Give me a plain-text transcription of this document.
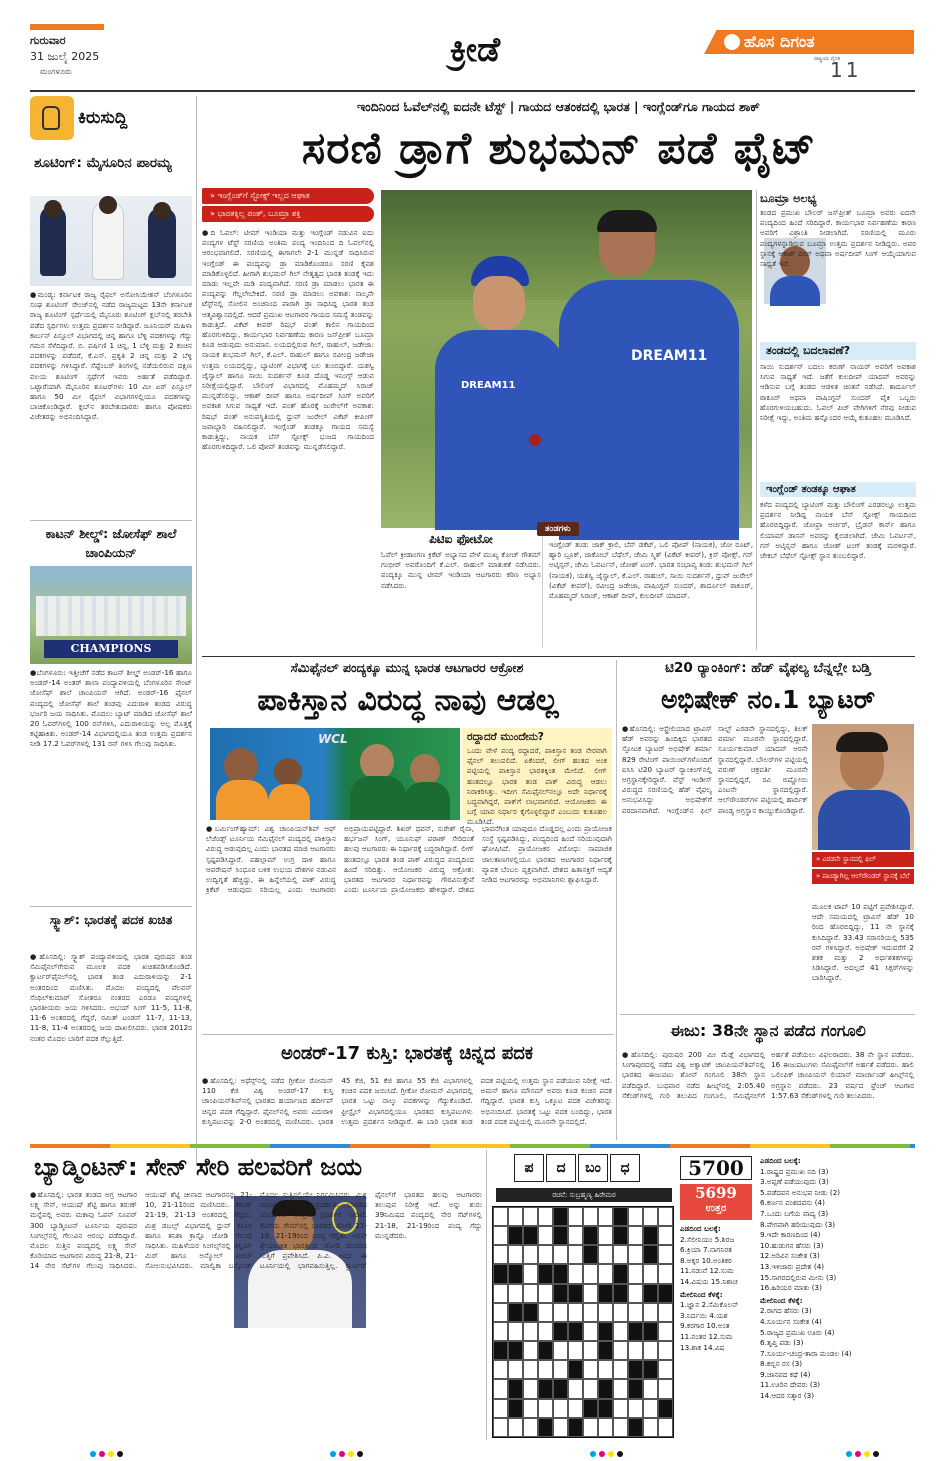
ಗುರುವಾರ
31 ಜುಲೈ 2025
ಮಂಗಳೂರು
ಕ್ರೀಡೆ	ಹೊಸ ದಿಗಂತ
ರಾಷ್ಟ್ರೀಯ ದೈನಿಕ
11
ಕಿರುಸುದ್ದಿ
ಶೂಟಿಂಗ್: ಮೈಸೂರಿನ ಪಾರಮ್ಯ
●ಮಂಡ್ಯ: ಕರ್ನಾಟಕ ರಾಜ್ಯ ರೈಫಲ್ ಅಸೋಸಿಯೇಶನ್ ಬೆಂಗಳೂರಿನ ಸಂಘ ಶೂಟಿಂಗ್ ರೇಂಜ್‌ನಲ್ಲಿ ನಡೆದ ರಾಜ್ಯಮಟ್ಟದ 13ನೇ ಕರ್ನಾಟಕ ರಾಜ್ಯ ಶೂಟಿಂಗ್ ಸ್ಪರ್ಧೆಯಲ್ಲಿ ಮೈಸೂರು ಶೂಟಿಂಗ್ ಕ್ಲಬ್‌ನಲ್ಲಿ ತರಬೇತಿ ಪಡೆದ ಸ್ಪರ್ಧಿಗಳು ಉತ್ತಮ ಪ್ರದರ್ಶನ ನೀಡಿದ್ದಾರೆ. ಜೂನಿಯರ್ ಮಹಿಳಾ ಕಾರ್ಬನ್ ಪಿಸ್ತೂಲ್ ವಿಭಾಗದಲ್ಲಿ ಚಿನ್ನ ಹಾಗೂ ಬೆಳ್ಳಿ ಪದಕಗಳನ್ನು ಗೆದ್ದು ಗಮನ ಸೆಳೆದಿದ್ದಾರೆ. ಬಿ. ವರ್ಷಿಣಿ 1 ಚಿನ್ನ, 1 ಬೆಳ್ಳಿ ಮತ್ತು 2 ಕಂಚಿನ ಪದಕಗಳನ್ನು ಪಡೆದರೆ, ಕೆ.ಎಸ್. ಪ್ರಕೃತಿ 2 ಚಿನ್ನ ಮತ್ತು 2 ಬೆಳ್ಳಿ ಪದಕಗಳನ್ನು ಗಳಿಸಿದ್ದಾರೆ. ಸೆಪ್ಟೆಂಬರ್ ತಿಂಗಳಲ್ಲಿ ನಡೆಯಲಿರುವ ದಕ್ಷಿಣ ವಲಯ ಶೂಟಿಂಗ್ ಸ್ಪರ್ಧೆಗೆ ಇವರು ಅರ್ಹತೆ ಪಡೆದಿದ್ದಾರೆ. ಒಟ್ಟಾರೆಯಾಗಿ ಮೈಸೂರಿನ ಶೂಟರ್‌ಗಳು 10 ಮೀ ಏರ್ ಪಿಸ್ತೂಲ್ ಹಾಗೂ 50 ಮೀ ರೈಫಲ್ ವಿಭಾಗಗಳಲ್ಲಿಯೂ ಪದಕಗಳನ್ನು ಬಾಚಿಕೊಂಡಿದ್ದಾರೆ. ಕ್ಲಬ್‌ನ ತರಬೇತುದಾರರು ಹಾಗೂ ಪೋಷಕರು ವಿಜೇತರನ್ನು ಅಭಿನಂದಿಸಿದ್ದಾರೆ.
ಕಾಟನ್ ಶೀಲ್ಡ್: ಜೋಸೆಫ್ ಶಾಲೆ ಚಾಂಪಿಯನ್
CHAMPIONS
●ಬೆಂಗಳೂರು: ಇತ್ತೀಚೆಗೆ ನಡೆದ ಕಾಟನ್ ಶೀಲ್ಡ್ ಅಂಡರ್-16 ಹಾಗೂ ಅಂಡರ್-14 ಅಂತರ್ ಶಾಲಾ ಪಂದ್ಯಾವಳಿಯಲ್ಲಿ ಬೆಂಗಳೂರಿನ ಸೇಂಟ್ ಜೋಸೆಫ್ ಶಾಲೆ ಚಾಂಪಿಯನ್ ಆಗಿದೆ. ಅಂಡರ್-16 ಫೈನಲ್ ಪಂದ್ಯದಲ್ಲಿ ಜೋಸೆಫ್ ಶಾಲೆ ತಂಡವು ಎದುರಾಳಿ ತಂಡದ ವಿರುದ್ಧ ಭರ್ಜರಿ ಜಯ ಸಾಧಿಸಿತು. ಮೊದಲು ಬ್ಯಾಟ್ ಮಾಡಿದ ಜೋಸೆಫ್ ಶಾಲೆ 20 ಓವರ್‌ಗಳಲ್ಲಿ 100 ರನ್‌ಗಳಿಸಿ, ಎದುರಾಳಿಯನ್ನು ಅಲ್ಪ ಮೊತ್ತಕ್ಕೆ ಕಟ್ಟಿಹಾಕಿತು. ಅಂಡರ್-14 ವಿಭಾಗದಲ್ಲಿಯೂ ತಂಡ ಉತ್ತಮ ಪ್ರದರ್ಶನ ನೀಡಿ 17.2 ಓವರ್‌ಗಳಲ್ಲಿ 131 ರನ್ ಗಳಿಸಿ ಗೆಲುವು ಸಾಧಿಸಿತು.
ಸ್ಕ್ವಾಶ್: ಭಾರತಕ್ಕೆ ಪದಕ ಖಚಿತ
●ಹೊಸದಿಲ್ಲಿ: ಸ್ಕ್ವಾಶ್ ಪಂದ್ಯಾವಳಿಯಲ್ಲಿ ಭಾರತ ಪುರುಷರ ತಂಡ ಸೆಮಿಫೈನಲ್‌ಗೇರುವ ಮೂಲಕ ಪದಕ ಖಚಿತಪಡಿಸಿಕೊಂಡಿದೆ. ಕ್ವಾರ್ಟರ್‌ಫೈನಲ್‌ನಲ್ಲಿ ಭಾರತ ತಂಡ ಎದುರಾಳಿಯನ್ನು 2-1 ಅಂತರದಿಂದ ಮಣಿಸಿತು. ಮೊದಲ ಪಂದ್ಯದಲ್ಲಿ ವೆಲವನ್ ಸೆಂಥಿಲ್‌ಕುಮಾರ್ ಸೋತರೂ ನಂತರದ ಎರಡೂ ಪಂದ್ಯಗಳಲ್ಲಿ ಭಾರತೀಯರು ಜಯ ಗಳಿಸಿದರು. ಅಭಯ್ ಸಿಂಗ್ 11-5, 11-8, 11-6 ಅಂತರದಲ್ಲಿ ಗೆದ್ದರೆ, ರಮಿತ್ ಟಂಡನ್ 11-7, 11-13, 11-8, 11-4 ಅಂತರದಲ್ಲಿ ಜಯ ದಾಖಲಿಸಿದರು. ಭಾರತ 2012ರ ನಂತರ ಮೊದಲ ಬಾರಿಗೆ ಪದಕ ಗೆಲ್ಲುತ್ತಿದೆ.
ಇಂದಿನಿಂದ ಓವೆಲ್‌ನಲ್ಲಿ ಐದನೇ ಟೆಸ್ಟ್ | ಗಾಯದ ಆತಂಕದಲ್ಲಿ ಭಾರತ | ಇಂಗ್ಲೆಂಡ್‌ಗೂ ಗಾಯದ ಶಾಕ್
ಸರಣಿ ಡ್ರಾಗೆ ಶುಭಮನ್ ಪಡೆ ಫೈಟ್
» ಇಂಗ್ಲೆಂಡ್‌ಗೆ ಸ್ಟೋಕ್ಸ್ ಇಲ್ಲದ ಆಘಾತ
» ಭಾರತಕ್ಕಿಲ್ಲ ಪಂತ್, ಬೂಮ್ರಾ ಶಕ್ತಿ
●ದಿ ಓವಲ್: ಟೀಮ್ ಇಂಡಿಯಾ ಮತ್ತು ಇಂಗ್ಲೆಂಡ್ ನಡುವಿನ ಐದು ಪಂದ್ಯಗಳ ಟೆಸ್ಟ್ ಸರಣಿಯ ಅಂತಿಮ ಪಂದ್ಯ ಇಂದಿನಿಂದ ದಿ ಓವಲ್‌ನಲ್ಲಿ ಆರಂಭವಾಗಲಿದೆ. ಸರಣಿಯಲ್ಲಿ ಈಗಾಗಲೇ 2-1 ಮುನ್ನಡೆ ಸಾಧಿಸಿರುವ ಇಂಗ್ಲೆಂಡ್ ಈ ಪಂದ್ಯವನ್ನು ಡ್ರಾ ಮಾಡಿಕೊಂಡರೂ ಸರಣಿ ಕೈವಶ ಮಾಡಿಕೊಳ್ಳಲಿದೆ. ಹೀಗಾಗಿ ಶುಭಮನ್ ಗಿಲ್ ನೇತೃತ್ವದ ಭಾರತ ತಂಡಕ್ಕೆ ಇದು ಮಾಡು ಇಲ್ಲವೇ ಮಡಿ ಪಂದ್ಯವಾಗಿದೆ. ಸರಣಿ ಡ್ರಾ ಮಾಡಲು ಭಾರತ ಈ ಪಂದ್ಯವನ್ನು ಗೆಲ್ಲಲೇಬೇಕಿದೆ. ಸರಣಿ ಡ್ರಾ ಮಾಡಲು ಅವಕಾಶ: ನಾಲ್ಕನೇ ಟೆಸ್ಟ್‌ನಲ್ಲಿ ಸೋಲಿನ ಅಂಚಿನಿಂದ ಪಾರಾಗಿ ಡ್ರಾ ಸಾಧಿಸಿದ್ದ ಭಾರತ ತಂಡ ಆತ್ಮವಿಶ್ವಾಸದಲ್ಲಿದೆ. ಆದರೆ ಪ್ರಮುಖ ಆಟಗಾರರ ಗಾಯದ ಸಮಸ್ಯೆ ತಂಡವನ್ನು ಕಾಡುತ್ತಿದೆ. ವಿಕೆಟ್ ಕೀಪರ್ ರಿಷಭ್ ಪಂತ್ ಕಾಲಿನ ಗಾಯದಿಂದ ಹೊರಗುಳಿದಿದ್ದು, ಕಾರ್ಯಭಾರ ನಿರ್ವಹಣೆಯ ಕಾರಣ ಜಸ್‌ಪ್ರೀತ್ ಬೂಮ್ರಾ ಕೂಡ ಆಡುವುದು ಅನುಮಾನ. ಲಯದಲ್ಲಿರುವ ಗಿಲ್, ರಾಹುಲ್, ಜಡೇಜಾ: ನಾಯಕ ಶುಭಮನ್ ಗಿಲ್, ಕೆ.ಎಲ್. ರಾಹುಲ್ ಹಾಗೂ ರವೀಂದ್ರ ಜಡೇಜಾ ಉತ್ತಮ ಲಯದಲ್ಲಿದ್ದು, ಬ್ಯಾಟಿಂಗ್ ವಿಭಾಗಕ್ಕೆ ಬಲ ತುಂಬಿದ್ದಾರೆ. ಯಶಸ್ವಿ ಜೈಸ್ವಾಲ್ ಹಾಗೂ ಸಾಯಿ ಸುದರ್ಶನ್ ಕೂಡ ದೊಡ್ಡ ಇನಿಂಗ್ಸ್ ಆಡುವ ನಿರೀಕ್ಷೆಯಲ್ಲಿದ್ದಾರೆ. ಬೌಲಿಂಗ್ ವಿಭಾಗದಲ್ಲಿ ಮೊಹಮ್ಮದ್ ಸಿರಾಜ್ ಮುನ್ನಡೆಸಲಿದ್ದು, ಆಕಾಶ್ ದೀಪ್ ಹಾಗೂ ಅರ್ಷದೀಪ್ ಸಿಂಗ್ ಅವರಿಗೆ ಅವಕಾಶ ಸಿಗುವ ಸಾಧ್ಯತೆ ಇದೆ. ಪಂತ್ ಹೊರಕ್ಕೆ ಜುರೇಲ್‌ಗೆ ಅವಕಾಶ: ರಿಷಭ್ ಪಂತ್ ಅನುಪಸ್ಥಿತಿಯಲ್ಲಿ ಧ್ರುವ್ ಜುರೇಲ್ ವಿಕೆಟ್ ಕೀಪಿಂಗ್ ಜವಾಬ್ದಾರಿ ವಹಿಸಲಿದ್ದಾರೆ. ಇಂಗ್ಲೆಂಡ್ ತಂಡಕ್ಕೂ ಗಾಯದ ಸಮಸ್ಯೆ ಕಾಡುತ್ತಿದ್ದು, ನಾಯಕ ಬೆನ್ ಸ್ಟೋಕ್ಸ್ ಭುಜದ ಗಾಯದಿಂದ ಹೊರಗುಳಿದಿದ್ದಾರೆ. ಒಲಿ ಪೋಪ್ ತಂಡವನ್ನು ಮುನ್ನಡೆಸಲಿದ್ದಾರೆ.
DREAM11
DREAM11
ಪಿಟಿಐ ಫೋಟೋ
ಓವೆಲ್ ಕ್ರೀಡಾಂಗಣ ಕ್ರಿಕೆಟ್ ಅಭ್ಯಾಸದ ವೇಳೆ ಮುಖ್ಯ ಕೋಚ್ ಗೌತಮ್ ಗಂಭೀರ್ ಅವರೊಂದಿಗೆ ಕೆ.ಎಲ್. ರಾಹುಲ್ ಮಾತುಕತೆ ನಡೆಸಿದರು. ಪಂದ್ಯಕ್ಕೂ ಮುನ್ನ ಟೀಮ್ ಇಂಡಿಯಾ ಆಟಗಾರರು ಕಠಿಣ ಅಭ್ಯಾಸ ನಡೆಸಿದರು.
ತಂಡಗಳು
ಇಂಗ್ಲೆಂಡ್ ತಂಡ: ಜಾಕ್ ಕ್ರಾಲಿ, ಬೆನ್ ಡಕೆಟ್, ಒಲಿ ಪೋಪ್ (ನಾಯಕ), ಜೋ ರೂಟ್, ಹ್ಯಾರಿ ಬ್ರೂಕ್, ಜಾಕೋಬ್ ಬೆಥೆಲ್, ಜೇಮಿ ಸ್ಮಿತ್ (ವಿಕೆಟ್ ಕೀಪರ್), ಕ್ರಿಸ್ ವೋಕ್ಸ್, ಗಸ್ ಅಟ್ಕಿನ್ಸನ್, ಜೇಮಿ ಓವರ್ಟನ್, ಜೋಶ್ ಟಂಗ್. ಭಾರತ ಸಂಭಾವ್ಯ ತಂಡ: ಶುಭಮನ್ ಗಿಲ್ (ನಾಯಕ), ಯಶಸ್ವಿ ಜೈಸ್ವಾಲ್, ಕೆ.ಎಲ್. ರಾಹುಲ್, ಸಾಯಿ ಸುದರ್ಶನ್, ಧ್ರುವ್ ಜುರೇಲ್ (ವಿಕೆಟ್ ಕೀಪರ್), ರವೀಂದ್ರ ಜಡೇಜಾ, ವಾಷಿಂಗ್ಟನ್ ಸುಂದರ್, ಶಾರ್ದೂಲ್ ಠಾಕೂರ್, ಮೊಹಮ್ಮದ್ ಸಿರಾಜ್, ಆಕಾಶ್ ದೀಪ್, ಕುಲದೀಪ್ ಯಾದವ್.
ಬೂಮ್ರಾ ಅಲಭ್ಯ
ತಂಡದ ಪ್ರಮುಖ ಬೌಲರ್ ಜಸ್‌ಪ್ರೀತ್ ಬೂಮ್ರಾ ಅವರು ಐದನೇ ಪಂದ್ಯದಿಂದ ಹಿಂದೆ ಸರಿದಿದ್ದಾರೆ. ಕಾರ್ಯಭಾರ ನಿರ್ವಹಣೆಯ ಕಾರಣ ಅವರಿಗೆ ವಿಶ್ರಾಂತಿ ನೀಡಲಾಗಿದೆ. ಸರಣಿಯಲ್ಲಿ ಮೂರು ಪಂದ್ಯಗಳನ್ನಾಡಿರುವ ಬೂಮ್ರಾ ಉತ್ತಮ ಪ್ರದರ್ಶನ ನೀಡಿದ್ದರು. ಅವರ ಸ್ಥಾನಕ್ಕೆ ಆಕಾಶ್ ದೀಪ್ ಅಥವಾ ಅರ್ಷದೀಪ್ ಸಿಂಗ್ ಆಯ್ಕೆಯಾಗುವ ಸಾಧ್ಯತೆ ಇದೆ.
ತಂಡದಲ್ಲಿ ಬದಲಾವಣೆ?
ಸಾಯಿ ಸುದರ್ಶನ್ ಬದಲು ಕರುಣ್ ನಾಯರ್ ಅವರಿಗೆ ಅವಕಾಶ ಸಿಗುವ ಸಾಧ್ಯತೆ ಇದೆ. ಜತೆಗೆ ಕುಲದೀಪ್ ಯಾದವ್ ಅವರನ್ನು ಆಡಿಸುವ ಬಗ್ಗೆ ತಂಡದ ಆಡಳಿತ ಚಿಂತನೆ ನಡೆಸಿದೆ. ಶಾರ್ದೂಲ್ ಠಾಕೂರ್ ಅಥವಾ ವಾಷಿಂಗ್ಟನ್ ಸುಂದರ್ ಪೈಕಿ ಒಬ್ಬರು ಹೊರಗುಳಿಯಬಹುದು. ಓವಲ್ ಪಿಚ್ ವೇಗಿಗಳಿಗೆ ನೆರವು ನೀಡುವ ನಿರೀಕ್ಷೆ ಇದ್ದು, ಅಂತಿಮ ಹನ್ನೊಂದರ ಆಯ್ಕೆ ಕುತೂಹಲ ಮೂಡಿಸಿದೆ.
ಇಂಗ್ಲೆಂಡ್ ತಂಡಕ್ಕೂ ಆಘಾತ
ಕಳೆದ ಪಂದ್ಯದಲ್ಲಿ ಬ್ಯಾಟಿಂಗ್ ಮತ್ತು ಬೌಲಿಂಗ್ ಎರಡರಲ್ಲೂ ಉತ್ತಮ ಪ್ರದರ್ಶನ ನೀಡಿದ್ದ ನಾಯಕ ಬೆನ್ ಸ್ಟೋಕ್ಸ್ ಗಾಯದಿಂದ ಹೊರಬಿದ್ದಿದ್ದಾರೆ. ಜೋಫ್ರಾ ಆರ್ಚರ್, ಬ್ರೈಡನ್ ಕಾರ್ಸ್ ಹಾಗೂ ಲಿಯಾಮ್ ಡಾಸನ್ ಅವರನ್ನು ಕೈಬಿಡಲಾಗಿದೆ. ಜೇಮಿ ಓವರ್ಟನ್, ಗಸ್ ಅಟ್ಕಿನ್ಸನ್ ಹಾಗೂ ಜೋಶ್ ಟಂಗ್ ತಂಡಕ್ಕೆ ಮರಳಿದ್ದಾರೆ. ಜೇಕಬ್ ಬೆಥೆಲ್ ಸ್ಟೋಕ್ಸ್ ಸ್ಥಾನ ತುಂಬಲಿದ್ದಾರೆ.
ಸೆಮಿಫೈನಲ್ ಪಂದ್ಯಕ್ಕೂ ಮುನ್ನ ಭಾರತ ಆಟಗಾರರ ಆಕ್ರೋಶ
ಪಾಕಿಸ್ತಾನ ವಿರುದ್ಧ ನಾವು ಆಡಲ್ಲ
WCL	ರದ್ದಾದರೆ ಮುಂದೇನು?
ಒಂದು ವೇಳೆ ಪಂದ್ಯ ರದ್ದಾದರೆ, ಪಾಕಿಸ್ತಾನ ತಂಡ ನೇರವಾಗಿ ಫೈನಲ್ ತಲುಪಲಿದೆ. ಏಕೆಂದರೆ, ಲೀಗ್ ಹಂತದ ಅಂಕ ಪಟ್ಟಿಯಲ್ಲಿ ಪಾಕಿಸ್ತಾನ ಭಾರತಕ್ಕಿಂತ ಮೇಲಿದೆ. ಲೀಗ್ ಹಂತದಲ್ಲೂ ಭಾರತ ತಂಡ ಪಾಕ್ ವಿರುದ್ಧ ಆಡಲು ನಿರಾಕರಿಸಿತ್ತು. ಇದೀಗ ಸೆಮಿಫೈನಲ್‌ನಲ್ಲೂ ಅದೇ ನಿರ್ಧಾರಕ್ಕೆ ಬದ್ಧವಾಗಿದ್ದರೆ, ಪಾಕ್‌ಗೆ ಲಾಭವಾಗಲಿದೆ. ಆಯೋಜಕರು ಈ ಬಗ್ಗೆ ಯಾವ ನಿರ್ಧಾರ ಕೈಗೊಳ್ಳಲಿದ್ದಾರೆ ಎಂಬುದು ಕುತೂಹಲ ಮೂಡಿಸಿದೆ.
●ಬರ್ಮಿಂಗ್‌ಹ್ಯಾಮ್: ವಿಶ್ವ ಚಾಂಪಿಯನ್‌ಶಿಪ್ ಆಫ್ ಲೆಜೆಂಡ್ಸ್ ಟೂರ್ನಿಯ ಸೆಮಿಫೈನಲ್ ಪಂದ್ಯದಲ್ಲಿ ಪಾಕಿಸ್ತಾನ ವಿರುದ್ಧ ಆಡುವುದಿಲ್ಲ ಎಂದು ಭಾರತದ ಮಾಜಿ ಆಟಗಾರರು ಸ್ಪಷ್ಟಪಡಿಸಿದ್ದಾರೆ. ಪಹಲ್ಗಾಮ್ ಉಗ್ರ ದಾಳಿ ಹಾಗೂ ಆಪರೇಷನ್ ಸಿಂಧೂರ ಬಳಿಕ ಉಭಯ ದೇಶಗಳ ನಡುವಿನ ಉದ್ವಿಗ್ನತೆ ಹೆಚ್ಚಿದ್ದು, ಈ ಹಿನ್ನೆಲೆಯಲ್ಲಿ ಪಾಕ್ ವಿರುದ್ಧ ಕ್ರಿಕೆಟ್ ಆಡುವುದು ಸರಿಯಲ್ಲ ಎಂದು ಆಟಗಾರರು ಅಭಿಪ್ರಾಯಪಟ್ಟಿದ್ದಾರೆ. ಶಿಖರ್ ಧವನ್, ಸುರೇಶ್ ರೈನಾ, ಹರ್ಭಜನ್ ಸಿಂಗ್, ಯೂಸುಫ್ ಪಠಾಣ್ ಸೇರಿದಂತೆ ಹಲವು ಆಟಗಾರರು ಈ ನಿರ್ಧಾರಕ್ಕೆ ಬದ್ಧರಾಗಿದ್ದಾರೆ. ಲೀಗ್ ಹಂತದಲ್ಲೂ ಭಾರತ ತಂಡ ಪಾಕ್ ವಿರುದ್ಧದ ಪಂದ್ಯದಿಂದ ಹಿಂದೆ ಸರಿದಿತ್ತು. ಆಯೋಜಕರ ವಿರುದ್ಧ ಆಕ್ರೋಶ: ಭಾರತದ ಆಟಗಾರರ ನಿರ್ಧಾರವನ್ನು ಗೌರವಿಸುತ್ತೇವೆ ಎಂದು ಟೂರ್ನಿಯ ಪ್ರಾಯೋಜಕರು ಹೇಳಿದ್ದಾರೆ. ದೇಶದ ಭಾವನೆಗಿಂತ ಯಾವುದೂ ದೊಡ್ಡದಲ್ಲ ಎಂದು ಪ್ರಾಯೋಜಕ ಸಂಸ್ಥೆ ಸ್ಪಷ್ಟಪಡಿಸಿದ್ದು, ಪಂದ್ಯದಿಂದ ಹಿಂದೆ ಸರಿಯುವುದಾಗಿ ಘೋಷಿಸಿದೆ. ಪ್ರಾಯೋಜಕರ ವಿರೋಧ: ಸಾಮಾಜಿಕ ಜಾಲತಾಣಗಳಲ್ಲಿಯೂ ಭಾರತದ ಆಟಗಾರರ ನಿರ್ಧಾರಕ್ಕೆ ವ್ಯಾಪಕ ಬೆಂಬಲ ವ್ಯಕ್ತವಾಗಿದೆ. ದೇಶದ ಹಿತಾಸಕ್ತಿಗೆ ಆದ್ಯತೆ ನೀಡಿದ ಆಟಗಾರರನ್ನು ಅಭಿಮಾನಿಗಳು ಶ್ಲಾಘಿಸಿದ್ದಾರೆ.
ಟಿ20 ರ್‍ಯಾಂಕಿಂಗ್: ಹೆಡ್ ವೈಫಲ್ಯ ಬೆನ್ನಲ್ಲೇ ಬಡ್ತಿ
ಅಭಿಷೇಕ್ ನಂ.1 ಬ್ಯಾಟರ್
●ಹೊಸದಿಲ್ಲಿ: ಆಸ್ಟ್ರೇಲಿಯಾದ ಟ್ರಾವಿಸ್ ಹೆಡ್ ಅವರನ್ನು ಹಿಂದಿಕ್ಕಿದ ಭಾರತದ ಸ್ಫೋಟಕ ಬ್ಯಾಟರ್ ಅಭಿಷೇಕ್ ಶರ್ಮಾ 829 ರೇಟಿಂಗ್ ಪಾಯಿಂಟ್‌ಗಳೊಂದಿಗೆ ಐಸಿಸಿ ಟಿ20 ಬ್ಯಾಟರ್ ರ್‍ಯಾಂಕಿಂಗ್‌ನಲ್ಲಿ ಅಗ್ರಸ್ಥಾನಕ್ಕೇರಿದ್ದಾರೆ. ವೆಸ್ಟ್ ಇಂಡೀಸ್ ವಿರುದ್ಧದ ಸರಣಿಯಲ್ಲಿ ಹೆಡ್ ವೈಫಲ್ಯ ಅನುಭವಿಸಿದ್ದು ಅಭಿಷೇಕ್‌ಗೆ ವರದಾನವಾಗಿದೆ. ಇಂಗ್ಲೆಂಡ್‌ನ ಫಿಲ್ ಸಾಲ್ಟ್ ಎರಡನೇ ಸ್ಥಾನದಲ್ಲಿದ್ದು, ತಿಲಕ್ ವರ್ಮಾ ಮೂರನೇ ಸ್ಥಾನದಲ್ಲಿದ್ದಾರೆ. ಸೂರ್ಯಕುಮಾರ್ ಯಾದವ್ ಆರನೇ ಸ್ಥಾನದಲ್ಲಿದ್ದಾರೆ. ಬೌಲರ್‌ಗಳ ಪಟ್ಟಿಯಲ್ಲಿ ವರುಣ್ ಚಕ್ರವರ್ತಿ ಮೂರನೇ ಸ್ಥಾನದಲ್ಲಿದ್ದರೆ, ರವಿ ಬಿಷ್ಣೋಯಿ ಎಂಟನೇ ಸ್ಥಾನದಲ್ಲಿದ್ದಾರೆ. ಆಲ್‌ರೌಂಡರ್‌ಗಳ ಪಟ್ಟಿಯಲ್ಲಿ ಹಾರ್ದಿಕ್ ಪಾಂಡ್ಯ ಅಗ್ರಸ್ಥಾನ ಕಾಯ್ದುಕೊಂಡಿದ್ದಾರೆ.
» ಎರಡನೇ ಸ್ಥಾನದಲ್ಲಿ ಫಿಲ್
» ಪಾಂಡ್ಯಾಗಿಲ್ಲ ಆಲ್‌ರೌಂಡರ್ ಸ್ಥಾನಕ್ಕೆ ಬೆಲೆ
ಮೂಲಕ ಟಾಪ್ 10 ಪಟ್ಟಿಗೆ ಪ್ರವೇಶಿಸಿದ್ದಾರೆ. ಆದೇ ಸಮಯದಲ್ಲಿ ಟ್ರಾವಿಸ್ ಹೆಡ್ 10 ರಿಂದ ಹೊರಬಿದ್ದಿದ್ದು, 11 ನೇ ಸ್ಥಾನಕ್ಕೆ ಕುಸಿದಿದ್ದಾರೆ. 33.43 ಸರಾಸರಿಯಲ್ಲಿ 535 ರನ್ ಗಳಿಸಿದ್ದಾರೆ. ಅಭಿಷೇಕ್ ಇದುವರೆಗೆ 2 ಶತಕ ಮತ್ತು 2 ಅರ್ಧಶತಕಗಳನ್ನು ಸಿಡಿಸಿದ್ದಾರೆ. ಅದಲ್ಲದೆ 41 ಸಿಕ್ಸರ್‌ಗಳನ್ನು ಬಾರಿಸಿದ್ದಾರೆ.
ಈಜು: 38ನೇ ಸ್ಥಾನ ಪಡೆದ ಗಂಗೂಲಿ
●ಹೊಸದಿಲ್ಲಿ: ಪುರುಷರ 200 ಮೀ ಮೆಡ್ಲೆ ವಿಭಾಗದಲ್ಲಿ ಸಿಂಗಾಪುರದಲ್ಲಿ ನಡೆದ ವಿಶ್ವ ಅಕ್ವಾಟಿಕ್ ಚಾಂಪಿಯನ್‌ಶಿಪ್‌ನಲ್ಲಿ ಭಾರತದ ಈಜುಪಟು ಶೋನ್ ಗಂಗೂಲಿ 38ನೇ ಸ್ಥಾನ ಪಡೆದಿದ್ದಾರೆ. ಬುಧವಾರ ನಡೆದ ಹೀಟ್ಸ್‌ನಲ್ಲಿ 2:05.40 ಸೆಕೆಂಡ್‌ಗಳಲ್ಲಿ ಗುರಿ ತಲುಪಿದ ಗಂಗೂಲಿ, ಸೆಮಿಫೈನಲ್‌ಗೆ ಅರ್ಹತೆ ಪಡೆಯಲು ವಿಫಲರಾದರು. 38 ನೇ ಸ್ಥಾನ ಪಡೆದರು. 16 ಈಜುಪಟುಗಳು ಸೆಮಿಫೈನಲ್‌ಗೆ ಅರ್ಹತೆ ಪಡೆದರು. ಹಾಲಿ ಒಲಿಂಪಿಕ್ ಚಾಂಪಿಯನ್ ಲಿಯಾನ್ ಮಾರ್ಚಾಂಡ್ ಹೀಟ್ಸ್‌ನಲ್ಲಿ ಅಗ್ರಸ್ಥಾನ ಪಡೆದರು. 23 ವರ್ಷದ ಫ್ರೆಂಚ್ ಆಟಗಾರ 1:57.63 ಸೆಕೆಂಡ್‌ಗಳಲ್ಲಿ ಗುರಿ ತಲುಪಿದರು.
ಅಂಡರ್-17 ಕುಸ್ತಿ: ಭಾರತಕ್ಕೆ ಚಿನ್ನದ ಪದಕ
●ಹೊಸದಿಲ್ಲಿ: ಅಥೆನ್ಸ್‌ನಲ್ಲಿ ನಡೆದ ಗ್ರೀಕೋ ರೋಮನ್ 110 ಕೆಜಿ ವಿಶ್ವ ಅಂಡರ್-17 ಕುಸ್ತಿ ಚಾಂಪಿಯನ್‌ಶಿಪ್‌ನಲ್ಲಿ ಭಾರತದ ಹರ್ಯಾಣದ ಹರ್ದೀಪ್ ಚಿನ್ನದ ಪದಕ ಗೆದ್ದಿದ್ದಾರೆ. ಫೈನಲ್‌ನಲ್ಲಿ ಅವರು ಎದುರಾಳಿ ಕುಸ್ತಿಪಟುವನ್ನು 2-0 ಅಂತರದಲ್ಲಿ ಮಣಿಸಿದರು. ಭಾರತ 45 ಕೆಜಿ, 51 ಕೆಜಿ ಹಾಗೂ 55 ಕೆಜಿ ವಿಭಾಗಗಳಲ್ಲಿ ಕಂಚಿನ ಪದಕ ಜಯಿಸಿದೆ. ಗ್ರೀಕೋ ರೋಮನ್ ವಿಭಾಗದಲ್ಲಿ ಭಾರತ ಒಟ್ಟು ನಾಲ್ಕು ಪದಕಗಳನ್ನು ಗೆದ್ದುಕೊಂಡಿದೆ. ಫ್ರೀಸ್ಟೈಲ್ ವಿಭಾಗದಲ್ಲಿಯೂ ಭಾರತದ ಕುಸ್ತಿಪಟುಗಳು ಉತ್ತಮ ಪ್ರದರ್ಶನ ನೀಡಿದ್ದಾರೆ. ಈ ಬಾರಿ ಭಾರತ ತಂಡ ಪದಕ ಪಟ್ಟಿಯಲ್ಲಿ ಉತ್ತಮ ಸ್ಥಾನ ಪಡೆಯುವ ನಿರೀಕ್ಷೆ ಇದೆ. ಅಮನ್ ಹಾಗೂ ಮೌಸಮ್ ಅವರು ಕೂಡ ಕಂಚಿನ ಪದಕ ಗೆದ್ದಿದ್ದಾರೆ. ಭಾರತ ಕುಸ್ತಿ ಒಕ್ಕೂಟ ಪದಕ ವಿಜೇತರನ್ನು ಅಭಿನಂದಿಸಿದೆ. ಭಾರತಕ್ಕೆ ಒಟ್ಟು ಪದಕ ಬಂದಿದ್ದು, ಭಾರತ ತಂಡ ಪದಕ ಪಟ್ಟಿಯಲ್ಲಿ ಮೂರನೇ ಸ್ಥಾನದಲ್ಲಿದೆ.
ಬ್ಯಾಡ್ಮಿಂಟನ್: ಸೇನ್ ಸೇರಿ ಹಲವರಿಗೆ ಜಯ
●ಹೊಸದಿಲ್ಲಿ: ಭಾರತ ತಂಡದ ಅಗ್ರ ಆಟಗಾರ ಲಕ್ಷ್ಯ ಸೇನ್, ಆಯುಷ್ ಶೆಟ್ಟಿ ಹಾಗೂ ತರುಣ್ ಮನ್ನೆಪಲ್ಲಿ ಅವರು ಮಕಾವು ಓಪನ್ ಸೂಪರ್ 300 ಬ್ಯಾಡ್ಮಿಂಟನ್ ಟೂರ್ನಿಯ ಪುರುಷರ ಸಿಂಗಲ್ಸ್‌ನಲ್ಲಿ ಗೆಲುವಿನ ಆರಂಭ ಪಡೆದಿದ್ದಾರೆ. ಮೊದಲ ಸುತ್ತಿನ ಪಂದ್ಯದಲ್ಲಿ ಲಕ್ಷ್ಯ ಸೇನ್ ಕೊರಿಯಾದ ಆಟಗಾರನ ವಿರುದ್ಧ 21-8, 21-14 ನೇರ ಸೆಟ್‌ಗಳ ಗೆಲುವು ಸಾಧಿಸಿದರು. ಆಯುಷ್ ಶೆಟ್ಟಿ ಚೀನಾದ ಆಟಗಾರನನ್ನು 21-10, 21-11ರಿಂದ ಮಣಿಸಿದರು. ತರುಣ್ 21-19, 21-13 ಅಂತರದಲ್ಲಿ ಗೆದ್ದರು. ಮಿಶ್ರ ಡಬಲ್ಸ್ ವಿಭಾಗದಲ್ಲಿ ಧ್ರುವ್ ಕಪಿಲಾ ಹಾಗೂ ತನಿಶಾ ಕ್ರಾಸ್ಟೊ ಜೋಡಿ ಗೆಲುವು ಸಾಧಿಸಿತು. ಮಹಿಳೆಯರ ಸಿಂಗಲ್ಸ್‌ನಲ್ಲಿ ತಸ್ನಿಮ್ ಮಿರ್ ಹಾಗೂ ಅನ್ಮೋಲ್ ಖರಬ್ ಸೋಲನುಭವಿಸಿದರು. ಮಾಲ್ವಿಕಾ ಬನ್ಸೋಡ್ ಮೊದಲ ಸುತ್ತಿನಲ್ಲಿಯೇ ನಿರ್ಗಮಿಸಿದರು. ಮಿಶ್ರ ವಿಭಾಗದ ಉತ್ತಮ ಪ್ರದರ್ಶನ: ಭಾರತದ ಜೋಡಿಗಳು ಉತ್ತಮ ಪ್ರದರ್ಶನ ನೀಡಿವೆ. ಕೊನೆಯ ಗೇಮ್‌ನಲ್ಲಿ ಭಾರತದ ಜೋಡಿ 21-18, 21-19ರಿಂದ ಪಂದ್ಯ ಗೆದ್ದಿತು. ಆರನೇ ಶ್ರೇಯಾಂಕಿತ ಭಾರತೀಯ ಜೋಡಿ ಮುಂದಿನ ಸುತ್ತಿಗೆ ಪ್ರವೇಶಿಸಿದೆ. ಪಿ.ವಿ. ಸಿಂಧು ಈ ಟೂರ್ನಿಯಲ್ಲಿ ಭಾಗವಹಿಸುತ್ತಿಲ್ಲ. ಕ್ವಾರ್ಟರ್ ಫೈನಲ್‌ಗೆ ಭಾರತದ ಹಲವು ಆಟಗಾರರು ತಲುಪುವ ನಿರೀಕ್ಷೆ ಇದೆ. ಅನ್ನು ಶುರು 39ನಿಮಿಷದ ಪಂದ್ಯದಲ್ಲಿ ನೇರ ಸೆಟ್‌ಗಳಲ್ಲಿ 21-18, 21-19ರಿಂದ ಪಂದ್ಯ ಗೆದ್ದು ಮುನ್ನಡೆದರು.
ಪ ದ ಬಂ ಧ
ರಚನೆ: ಸುಬ್ರಹ್ಮಣ್ಯ ಹಿರೇಮಠ
5700
5699
ಉತ್ತರ
ಎಡದಿಂದ ಬಲಕ್ಕೆ:
2.ಸೆಲೀನಿಯಂ 5.ಶಿರಜ
6.ಕ್ರಿಯಾ 7.ನಾಗನಿರತ
8.ಅಕ್ಕರ 10.ಅಂತಿಕರ
11.ನಡುವೆ 12.ಸುಮ
14.ವಿಷಯ 15.ನಿಶಾಚ
ಮೇಲಿನಿಂದ ಕೆಳಕ್ಕೆ:
1.ಜ್ಞಾನ 2.ಸೆಮಿಕೊಲನ್
3.ನಿರ್ದಯಿ 4.ಯಶ
9.ಕರಗಾರ 10.ಅಂತ
11.ನಂತರ 12.ಸುಮ
13.ಶಾಕ 14.ವಿಷ
ಎಡದಿಂದ ಬಲಕ್ಕೆ:
1.ರಾಷ್ಟ್ರದ ಪ್ರಮುಖ ನದಿ (3)
3.ಅಪ್ಪಣೆ ಪಡೆಯುವುದು (3)
5.ಪಡೆದವನ ಅನುಭವ ನೀಡು (2)
6.ಕರ್ಣನ ವಂಶದವನು (4)
7.ಒಂದು ಬಗೆಯ ವಾದ್ಯ (3)
8.ವೇಗವಾಗಿ ಹರಿಯುವುದು (3)
9.ಇದೇ ಕಾರಣದಿಂದ (4)
10.ಹುಡುಗನ ಹೆಸರು (3)
12.ಅರಿವಿನ ಸಂಕೇತ (3)
13.ಇಳಿಜಾರು ಪ್ರದೇಶ (4)
15.ಸಾಗರದಲ್ಲಿರುವ ಮೀನು (3)
16.ಹಿರಿಯರ ಮಾತು (3)
ಮೇಲಿನಿಂದ ಕೆಳಕ್ಕೆ:
2.ರಾಗದ ಹೆಸರು (3)
4.ಸೂರ್ಯನ ಸಂಕೇತ (4)
5.ರಾಜ್ಯದ ಪ್ರಮುಖ ಊರು (4)
6.ತೃಪ್ತಿ ಪಡು (3)
7.ಸೂರ್ಯ-ಚಂದ್ರ-ತಾರಾ ಮಂಡಲ (4)
8.ಕಬ್ಬಿನ ರಸ (3)
9.ಜಾನಪದ ಕಥೆ (4)
11.ಊರಿನ ದೇವರು (3)
14.ಆದರ ಸತ್ಕಾರ (3)
